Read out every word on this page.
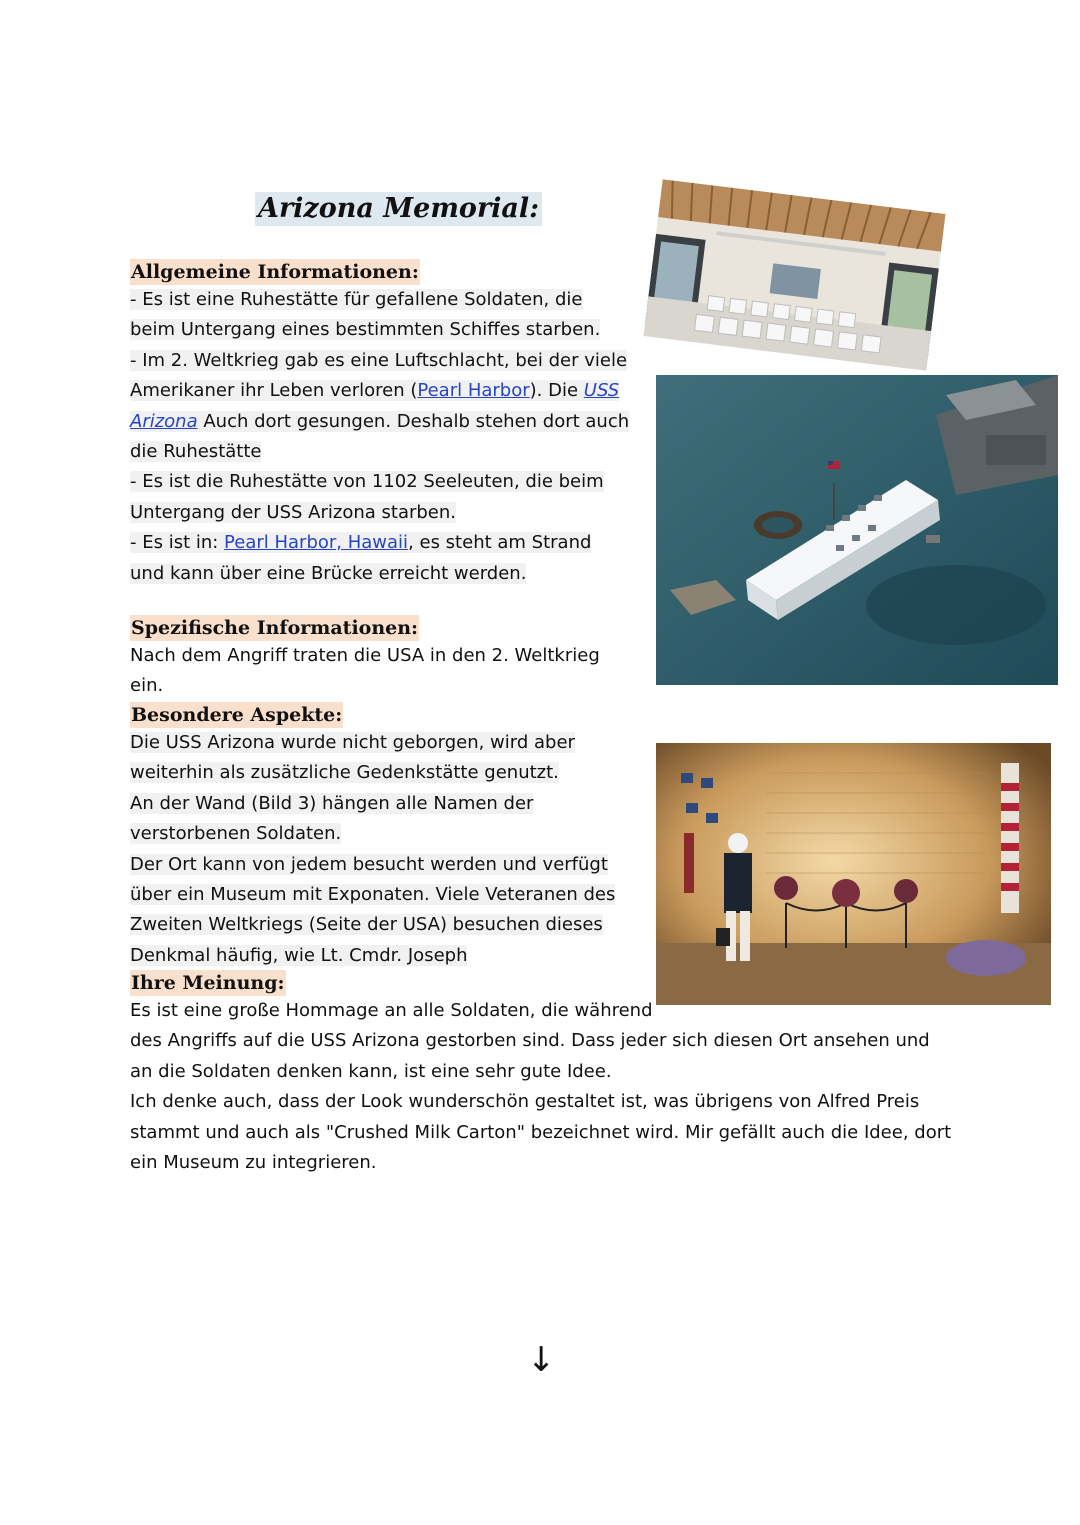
Arizona Memorial:
Allgemeine Informationen:

- Es ist eine Ruhestätte für gefallene Soldaten, die beim Untergang eines bestimmten Schiffes starben.

- Im 2. Weltkrieg gab es eine Luftschlacht, bei der viele Amerikaner ihr Leben verloren (Pearl Harbor). Die USS Arizona Auch dort gesungen. Deshalb stehen dort auch die Ruhestätte

- Es ist die Ruhestätte von 1102 Seeleuten, die beim Untergang der USS Arizona starben.

- Es ist in: Pearl Harbor, Hawaii, es steht am Strand und kann über eine Brücke erreicht werden.

Spezifische Informationen:

Nach dem Angriff traten die USA in den 2. Weltkrieg ein.

Besondere Aspekte:

Die USS Arizona wurde nicht geborgen, wird aber weiterhin als zusätzliche Gedenkstätte genutzt.

An der Wand (Bild 3) hängen alle Namen der verstorbenen Soldaten.

Der Ort kann von jedem besucht werden und verfügt über ein Museum mit Exponaten. Viele Veteranen des Zweiten Weltkriegs (Seite der USA) besuchen dieses Denkmal häufig, wie Lt. Cmdr. Joseph

Ihre Meinung:

Es ist eine große Hommage an alle Soldaten, die während

des Angriffs auf die USS Arizona gestorben sind. Dass jeder sich diesen Ort ansehen und

an die Soldaten denken kann, ist eine sehr gute Idee.

Ich denke auch, dass der Look wunderschön gestaltet ist, was übrigens von Alfred Preis

stammt und auch als "Crushed Milk Carton" bezeichnet wird. Mir gefällt auch die Idee, dort

ein Museum zu integrieren.

↓
